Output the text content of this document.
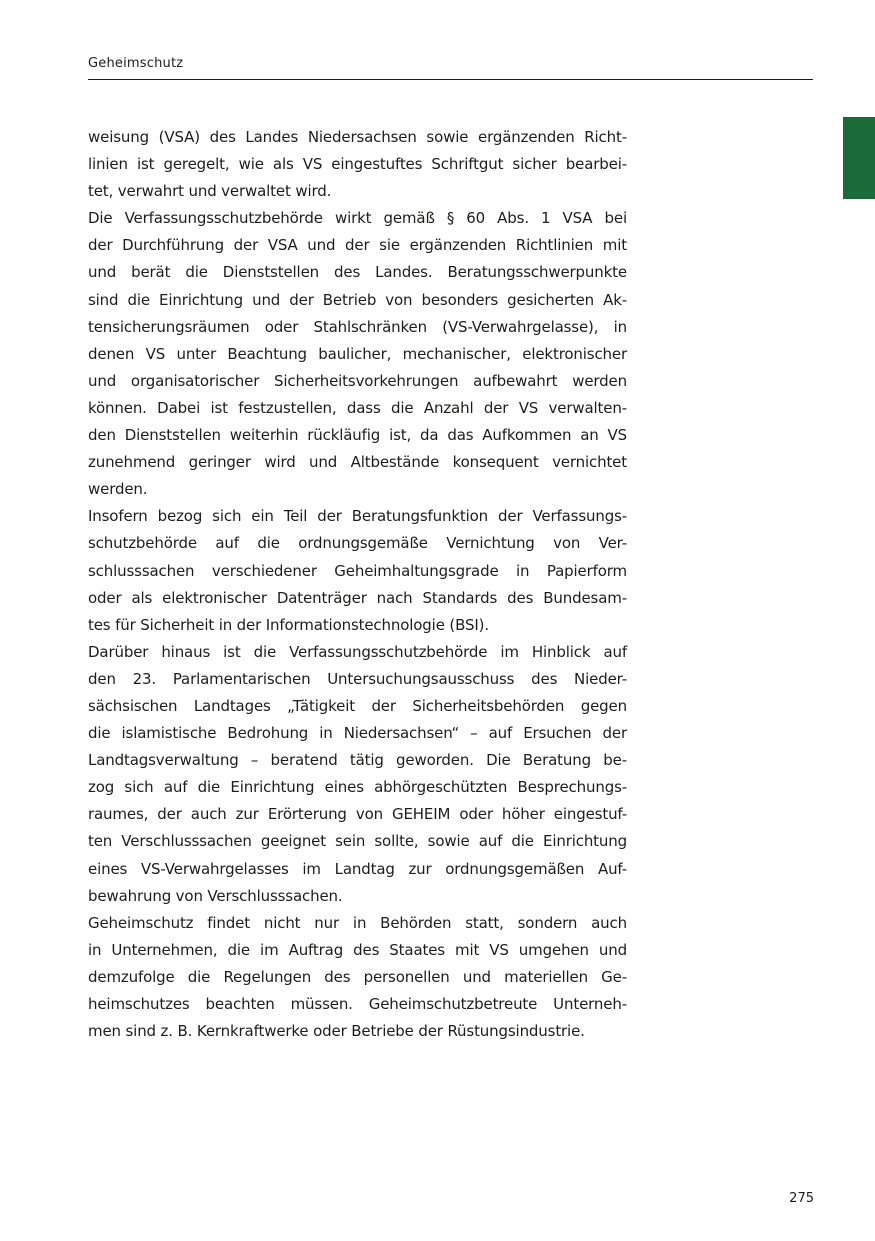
Geheimschutz
weisung (VSA) des Landes Niedersachsen sowie ergänzenden Richt-
linien ist geregelt, wie als VS eingestuftes Schriftgut sicher bearbei-
tet, verwahrt und verwaltet wird.
Die Verfassungsschutzbehörde wirkt gemäß § 60 Abs. 1 VSA bei
der Durchführung der VSA und der sie ergänzenden Richtlinien mit
und berät die Dienststellen des Landes. Beratungsschwerpunkte
sind die Einrichtung und der Betrieb von besonders gesicherten Ak-
tensicherungsräumen oder Stahlschränken (VS-Verwahrgelasse), in
denen VS unter Beachtung baulicher, mechanischer, elektronischer
und organisatorischer Sicherheitsvorkehrungen aufbewahrt werden
können. Dabei ist festzustellen, dass die Anzahl der VS verwalten-
den Dienststellen weiterhin rückläufig ist, da das Aufkommen an VS
zunehmend geringer wird und Altbestände konsequent vernichtet
werden.
Insofern bezog sich ein Teil der Beratungsfunktion der Verfassungs-
schutzbehörde auf die ordnungsgemäße Vernichtung von Ver-
schlusssachen verschiedener Geheimhaltungsgrade in Papierform
oder als elektronischer Datenträger nach Standards des Bundesam-
tes für Sicherheit in der Informationstechnologie (BSI).
Darüber hinaus ist die Verfassungsschutzbehörde im Hinblick auf
den 23. Parlamentarischen Untersuchungsausschuss des Nieder-
sächsischen Landtages „Tätigkeit der Sicherheitsbehörden gegen
die islamistische Bedrohung in Niedersachsen“ – auf Ersuchen der
Landtagsverwaltung – beratend tätig geworden. Die Beratung be-
zog sich auf die Einrichtung eines abhörgeschützten Besprechungs-
raumes, der auch zur Erörterung von GEHEIM oder höher eingestuf-
ten Verschlusssachen geeignet sein sollte, sowie auf die Einrichtung
eines VS-Verwahrgelasses im Landtag zur ordnungsgemäßen Auf-
bewahrung von Verschlusssachen.
Geheimschutz findet nicht nur in Behörden statt, sondern auch
in Unternehmen, die im Auftrag des Staates mit VS umgehen und
demzufolge die Regelungen des personellen und materiellen Ge-
heimschutzes beachten müssen. Geheimschutzbetreute Unterneh-
men sind z. B. Kernkraftwerke oder Betriebe der Rüstungsindustrie.
275
